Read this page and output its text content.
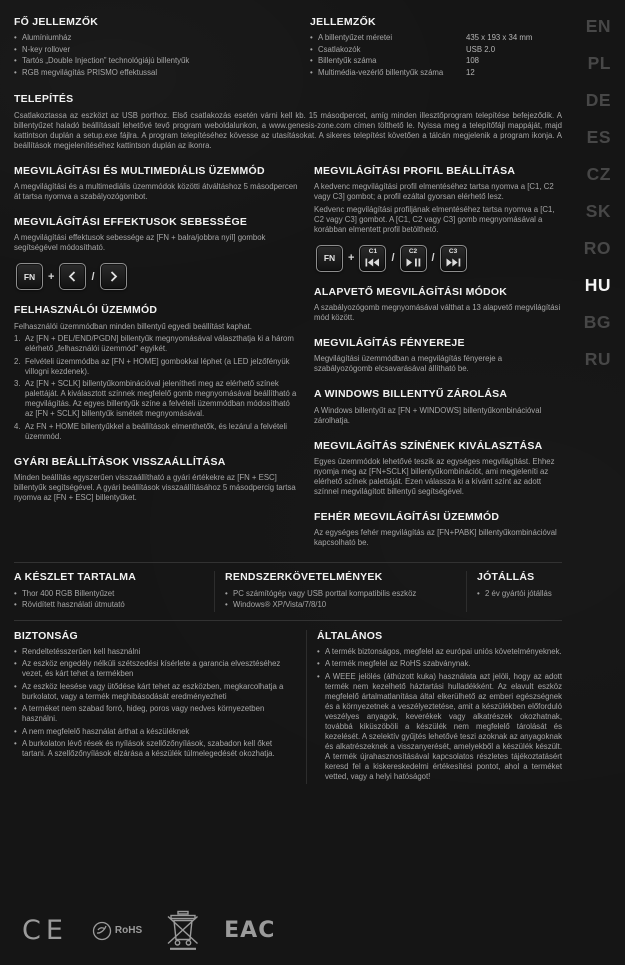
FŐ JELLEMZŐK
• Alumíniumház
• N-key rollover
• Tartós „Double Injection” technológiájú billentyűk
• RGB megvilágítás PRISMO effektussal
JELLEMZŐK
• A billentyűzet méretei	435 x 193 x 34 mm
• Csatlakozók	USB 2.0
• Billentyűk száma	108
• Multimédia-vezérlő billentyűk száma	12
TELEPÍTÉS

Csatlakoztassa az eszközt az USB porthoz. Első csatlakozás esetén várni kell kb. 15 másodpercet, amíg minden illesztőprogram telepítése befejeződik. A billentyűzet haladó beállításait lehetővé tevő program weboldalunkon, a www.genesis-zone.com címen tölthető le. Nyissa meg a telepítőfájl mappáját, majd kattintson duplán a setup.exe fájlra. A program telepítéséhez kövesse az utasításokat. A sikeres telepítést követően a tálcán megjelenik a program ikonja. A beállítások megjelenítéséhez kattintson duplán az ikonra.

MEGVILÁGÍTÁSI ÉS MULTIMEDIÁLIS ÜZEMMÓD

A megvilágítási és a multimediális üzemmódok közötti átváltáshoz 5 másodpercen át tartsa nyomva a szabályozógombot.

MEGVILÁGÍTÁSI EFFEKTUSOK SEBESSÉGE

A megvilágítási effektusok sebessége az [FN + balra/jobbra nyíl] gombok segítségével módosítható.

FN +	/
FELHASZNÁLÓI ÜZEMMÓD

Felhasználói üzemmódban minden billentyű egyedi beállítást kaphat.

1. Az [FN + DEL/END/PGDN] billentyűk megnyomásával választhatja ki a három elérhető „felhasználói üzemmód” egyikét.
2. Felvételi üzemmódba az [FN + HOME] gombokkal léphet (a LED jelzőfényük villogni kezdenek).
3. Az [FN + SCLK] billentyűkombinációval jelenítheti meg az elérhető színek palettáját. A kiválasztott színnek megfelelő gomb megnyomásával beállítható a megvilágítás. Az egyes billentyűk színe a felvételi üzemmódban módosítható az [FN + SCLK] billentyűk ismételt megnyomásával.
4. Az FN + HOME billentyűkkel a beállítások elmenthetők, és lezárul a felvételi üzemmód.
GYÁRI BEÁLLÍTÁSOK VISSZAÁLLÍTÁSA

Minden beállítás egyszerűen visszaállítható a gyári értékekre az [FN + ESC] billentyűk segítségével. A gyári beállítások visszaállításához 5 másodpercig tartsa nyomva az [FN + ESC] billentyűket.

MEGVILÁGÍTÁSI PROFIL BEÁLLÍTÁSA

A kedvenc megvilágítási profil elmentéséhez tartsa nyomva a [C1, C2 vagy C3] gombot; a profil ezáltal gyorsan elérhető lesz.

Kedvenc megvilágítási profiljának elmentéséhez tartsa nyomva a [C1, C2 vagy C3] gombot. A [C1, C2 vagy C3] gomb megnyomásával a korábban elmentett profil betölthető.

FN +
C1
/
C2
/
C3
ALAPVETŐ MEGVILÁGÍTÁSI MÓDOK

A szabályozógomb megnyomásával válthat a 13 alapvető megvilágítási mód között.

MEGVILÁGÍTÁS FÉNYEREJE

Megvilágítási üzemmódban a megvilágítás fényereje a szabályozógomb elcsavarásával állítható be.

A WINDOWS BILLENTYŰ ZÁROLÁSA

A Windows billentyűt az [FN + WINDOWS] billentyűkombinációval zárolhatja.

MEGVILÁGÍTÁS SZÍNÉNEK KIVÁLASZTÁSA

Egyes üzemmódok lehetővé teszik az egységes megvilágítást. Ehhez nyomja meg az [FN+SCLK] billentyűkombinációt, ami megjeleníti az elérhető színek palettáját. Ezen válassza ki a kívánt színt az adott színnel megvilágított billentyű segítségével.

FEHÉR MEGVILÁGÍTÁSI ÜZEMMÓD

Az egységes fehér megvilágítás az [FN+PABK] billentyűkombinációval kapcsolható be.

A KÉSZLET TARTALMA
• Thor 400 RGB Billentyűzet
• Rövidített használati útmutató
RENDSZERKÖVETELMÉNYEK
• PC számítógép vagy USB porttal kompatibilis eszköz
• Windows® XP/Vista/7/8/10
JÓTÁLLÁS
• 2 év gyártói jótállás
BIZTONSÁG
• Rendeltetésszerűen kell használni
• Az eszköz engedély nélküli szétszedési kísérlete a garancia elvesztéséhez vezet, és kárt tehet a termékben
• Az eszköz leesése vagy ütődése kárt tehet az eszközben, megkarcolhatja a burkolatot, vagy a termék meghibásodását eredményezheti
• A terméket nem szabad forró, hideg, poros vagy nedves környezetben használni.
• A nem megfelelő használat árthat a készüléknek
• A burkolaton lévő rések és nyílások szellőzőnyílások, szabadon kell őket tartani. A szellőzőnyílások elzárása a készülék túlmelegedését okozhatja.
ÁLTALÁNOS
• A termék biztonságos, megfelel az európai uniós követelményeknek.
• A termék megfelel az RoHS szabványnak.
• A WEEE jelölés (áthúzott kuka) használata azt jelöli, hogy az adott termék nem kezelhető háztartási hulladékként. Az elavult eszköz megfelelő ártalmatlanítása által elkerülhető az emberi egészségnek és a környezetnek a veszélyeztetése, amit a készülékben előforduló veszélyes anyagok, keverékek vagy alkatrészek okozhatnak, továbbá kiküszöböli a készülék nem megfelelő tárolását és kezelését. A szelektív gyűjtés lehetővé teszi azoknak az anyagoknak és alkatrészeknek a visszanyerését, amelyekből a készülék készült. A termék újrahasznosításával kapcsolatos részletes tájékoztatásért keresd fel a kiskereskedelmi értékesítési pontot, ahol a terméket vetted, vagy a helyi hatóságot!
EN
PL
DE
ES
CZ
SK
RO
HU
BG
RU
CE	RoHS	EAC
